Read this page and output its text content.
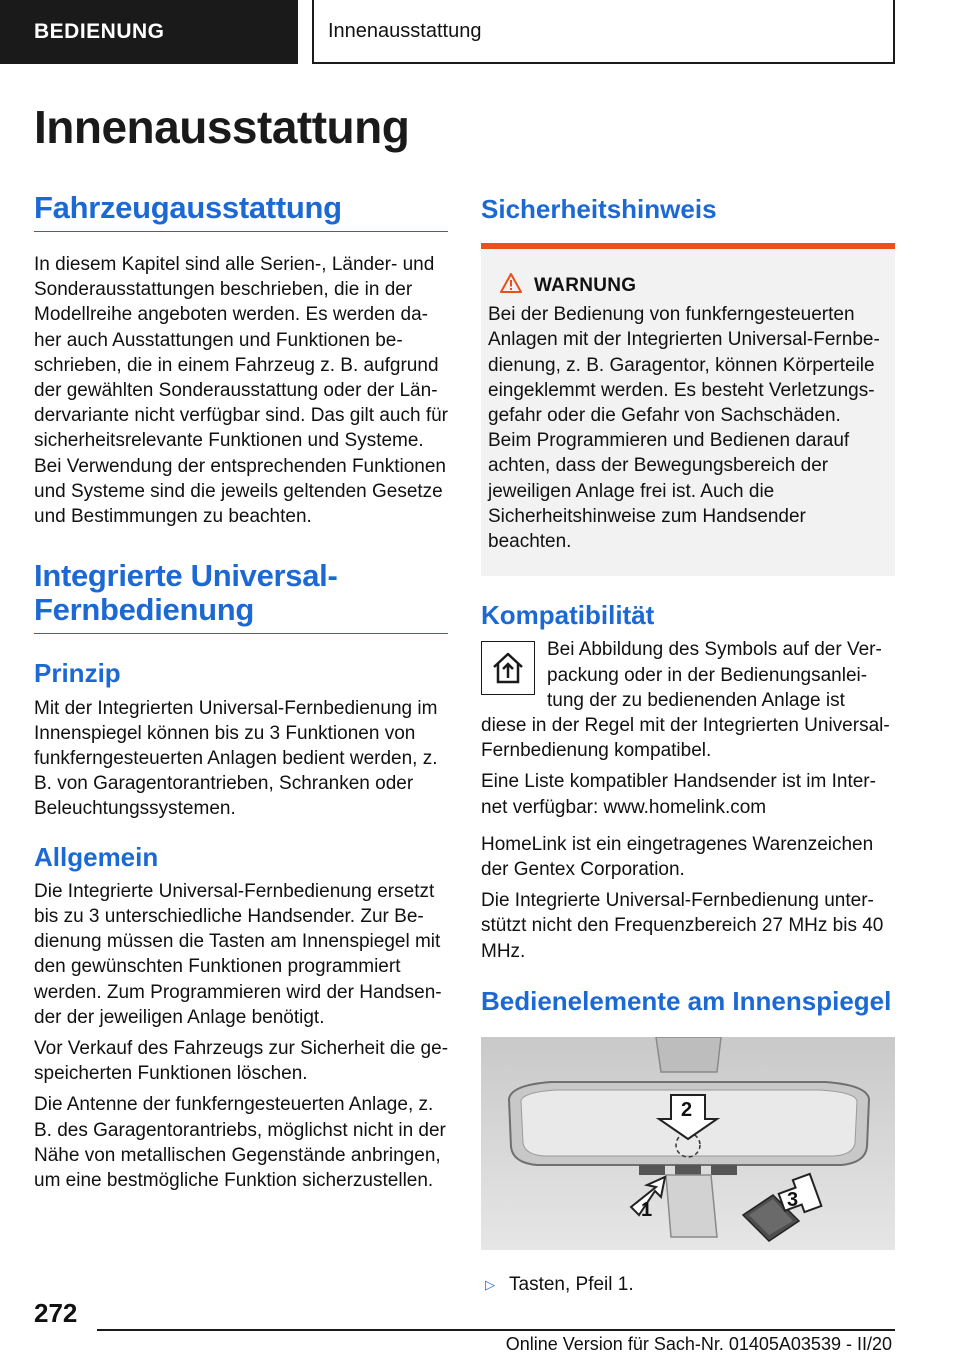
BEDIENUNG	Innenausstattung
Innenausstattung
Fahrzeugausstattung

In diesem Kapitel sind alle Serien-, Länder- und Sonderausstattungen beschrieben, die in der Modellreihe angeboten werden. Es werden daher auch Ausstattungen und Funktionen beschrieben, die in einem Fahrzeug z. B. aufgrund der gewählten Sonderausstattung oder der Ländervariante nicht verfügbar sind. Das gilt auch für sicherheitsrelevante Funktionen und Systeme. Bei Verwendung der entsprechenden Funktionen und Systeme sind die jeweils geltenden Gesetze und Bestimmungen zu beachten.

Integrierte Universal-Fernbedienung
Prinzip

Mit der Integrierten Universal-Fernbedienung im Innenspiegel können bis zu 3 Funktionen von funkferngesteuerten Anlagen bedient werden, z. B. von Garagentorantrieben, Schranken oder Beleuchtungssystemen.

Allgemein

Die Integrierte Universal-Fernbedienung ersetzt bis zu 3 unterschiedliche Handsender. Zur Bedienung müssen die Tasten am Innenspiegel mit den gewünschten Funktionen programmiert werden. Zum Programmieren wird der Handsender der jeweiligen Anlage benötigt.

Vor Verkauf des Fahrzeugs zur Sicherheit die gespeicherten Funktionen löschen.

Die Antenne der funkferngesteuerten Anlage, z. B. des Garagentorantriebs, möglichst nicht in der Nähe von metallischen Gegenstände anbringen, um eine bestmögliche Funktion sicherzustellen.

Sicherheitshinweis
WARNUNG

Bei der Bedienung von funkferngesteuerten Anlagen mit der Integrierten Universal-Fernbedienung, z. B. Garagentor, können Körperteile eingeklemmt werden. Es besteht Verletzungsgefahr oder die Gefahr von Sachschäden. Beim Programmieren und Bedienen darauf achten, dass der Bewegungsbereich der jeweiligen Anlage frei ist. Auch die Sicherheitshinweise zum Handsender beachten.

Kompatibilität

Bei Abbildung des Symbols auf der Verpackung oder in der Bedienungsanleitung der zu bedienenden Anlage ist diese in der Regel mit der Integrierten Universal-Fernbedienung kompatibel.

Eine Liste kompatibler Handsender ist im Internet verfügbar: www.homelink.com

HomeLink ist ein eingetragenes Warenzeichen der Gentex Corporation.

Die Integrierte Universal-Fernbedienung unterstützt nicht den Frequenzbereich 27 MHz bis 40 MHz.

Bedienelemente am Innenspiegel
2
1	3
▷ Tasten, Pfeil 1.

272
Online Version für Sach-Nr. 01405A03539 - II/20
